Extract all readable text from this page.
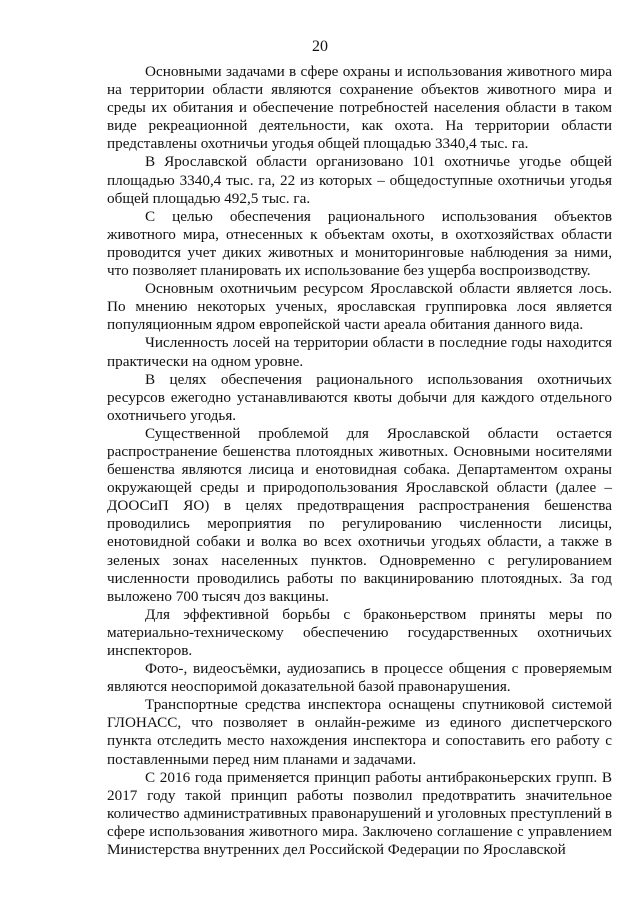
20

Основными задачами в сфере охраны и использования животного мира на территории области являются сохранение объектов животного мира и среды их обитания и обеспечение потребностей населения области в таком виде рекреационной деятельности, как охота. На территории области представлены охотничьи угодья общей площадью 3340,4 тыс. га.

В Ярославской области организовано 101 охотничье угодье общей площадью 3340,4 тыс. га, 22 из которых – общедоступные охотничьи угодья общей площадью 492,5 тыс. га.

С целью обеспечения рационального использования объектов животного мира, отнесенных к объектам охоты, в охотхозяйствах области проводится учет диких животных и мониторинговые наблюдения за ними, что позволяет планировать их использование без ущерба воспроизводству.

Основным охотничьим ресурсом Ярославской области является лось. По мнению некоторых ученых, ярославская группировка лося является популяционным ядром европейской части ареала обитания данного вида.

Численность лосей на территории области в последние годы находится практически на одном уровне.

В целях обеспечения рационального использования охотничьих ресурсов ежегодно устанавливаются квоты добычи для каждого отдельного охотничьего угодья.

Существенной проблемой для Ярославской области остается распространение бешенства плотоядных животных. Основными носителями бешенства являются лисица и енотовидная собака. Департаментом охраны окружающей среды и природопользования Ярославской области (далее – ДООСиП ЯО) в целях предотвращения распространения бешенства проводились мероприятия по регулированию численности лисицы, енотовидной собаки и волка во всех охотничьи угодьях области, а также в зеленых зонах населенных пунктов. Одновременно с регулированием численности проводились работы по вакцинированию плотоядных. За год выложено 700 тысяч доз вакцины.

Для эффективной борьбы с браконьерством приняты меры по материально-техническому обеспечению государственных охотничьих инспекторов.

Фото-, видеосъёмки, аудиозапись в процессе общения с проверяемым являются неоспоримой доказательной базой правонарушения.

Транспортные средства инспектора оснащены спутниковой системой ГЛОНАСС, что позволяет в онлайн-режиме из единого диспетчерского пункта отследить место нахождения инспектора и сопоставить его работу с поставленными перед ним планами и задачами.

С 2016 года применяется принцип работы антибраконьерских групп. В 2017 году такой принцип работы позволил предотвратить значительное количество административных правонарушений и уголовных преступлений в сфере использования животного мира. Заключено соглашение с управлением Министерства внутренних дел Российской Федерации по Ярославской
